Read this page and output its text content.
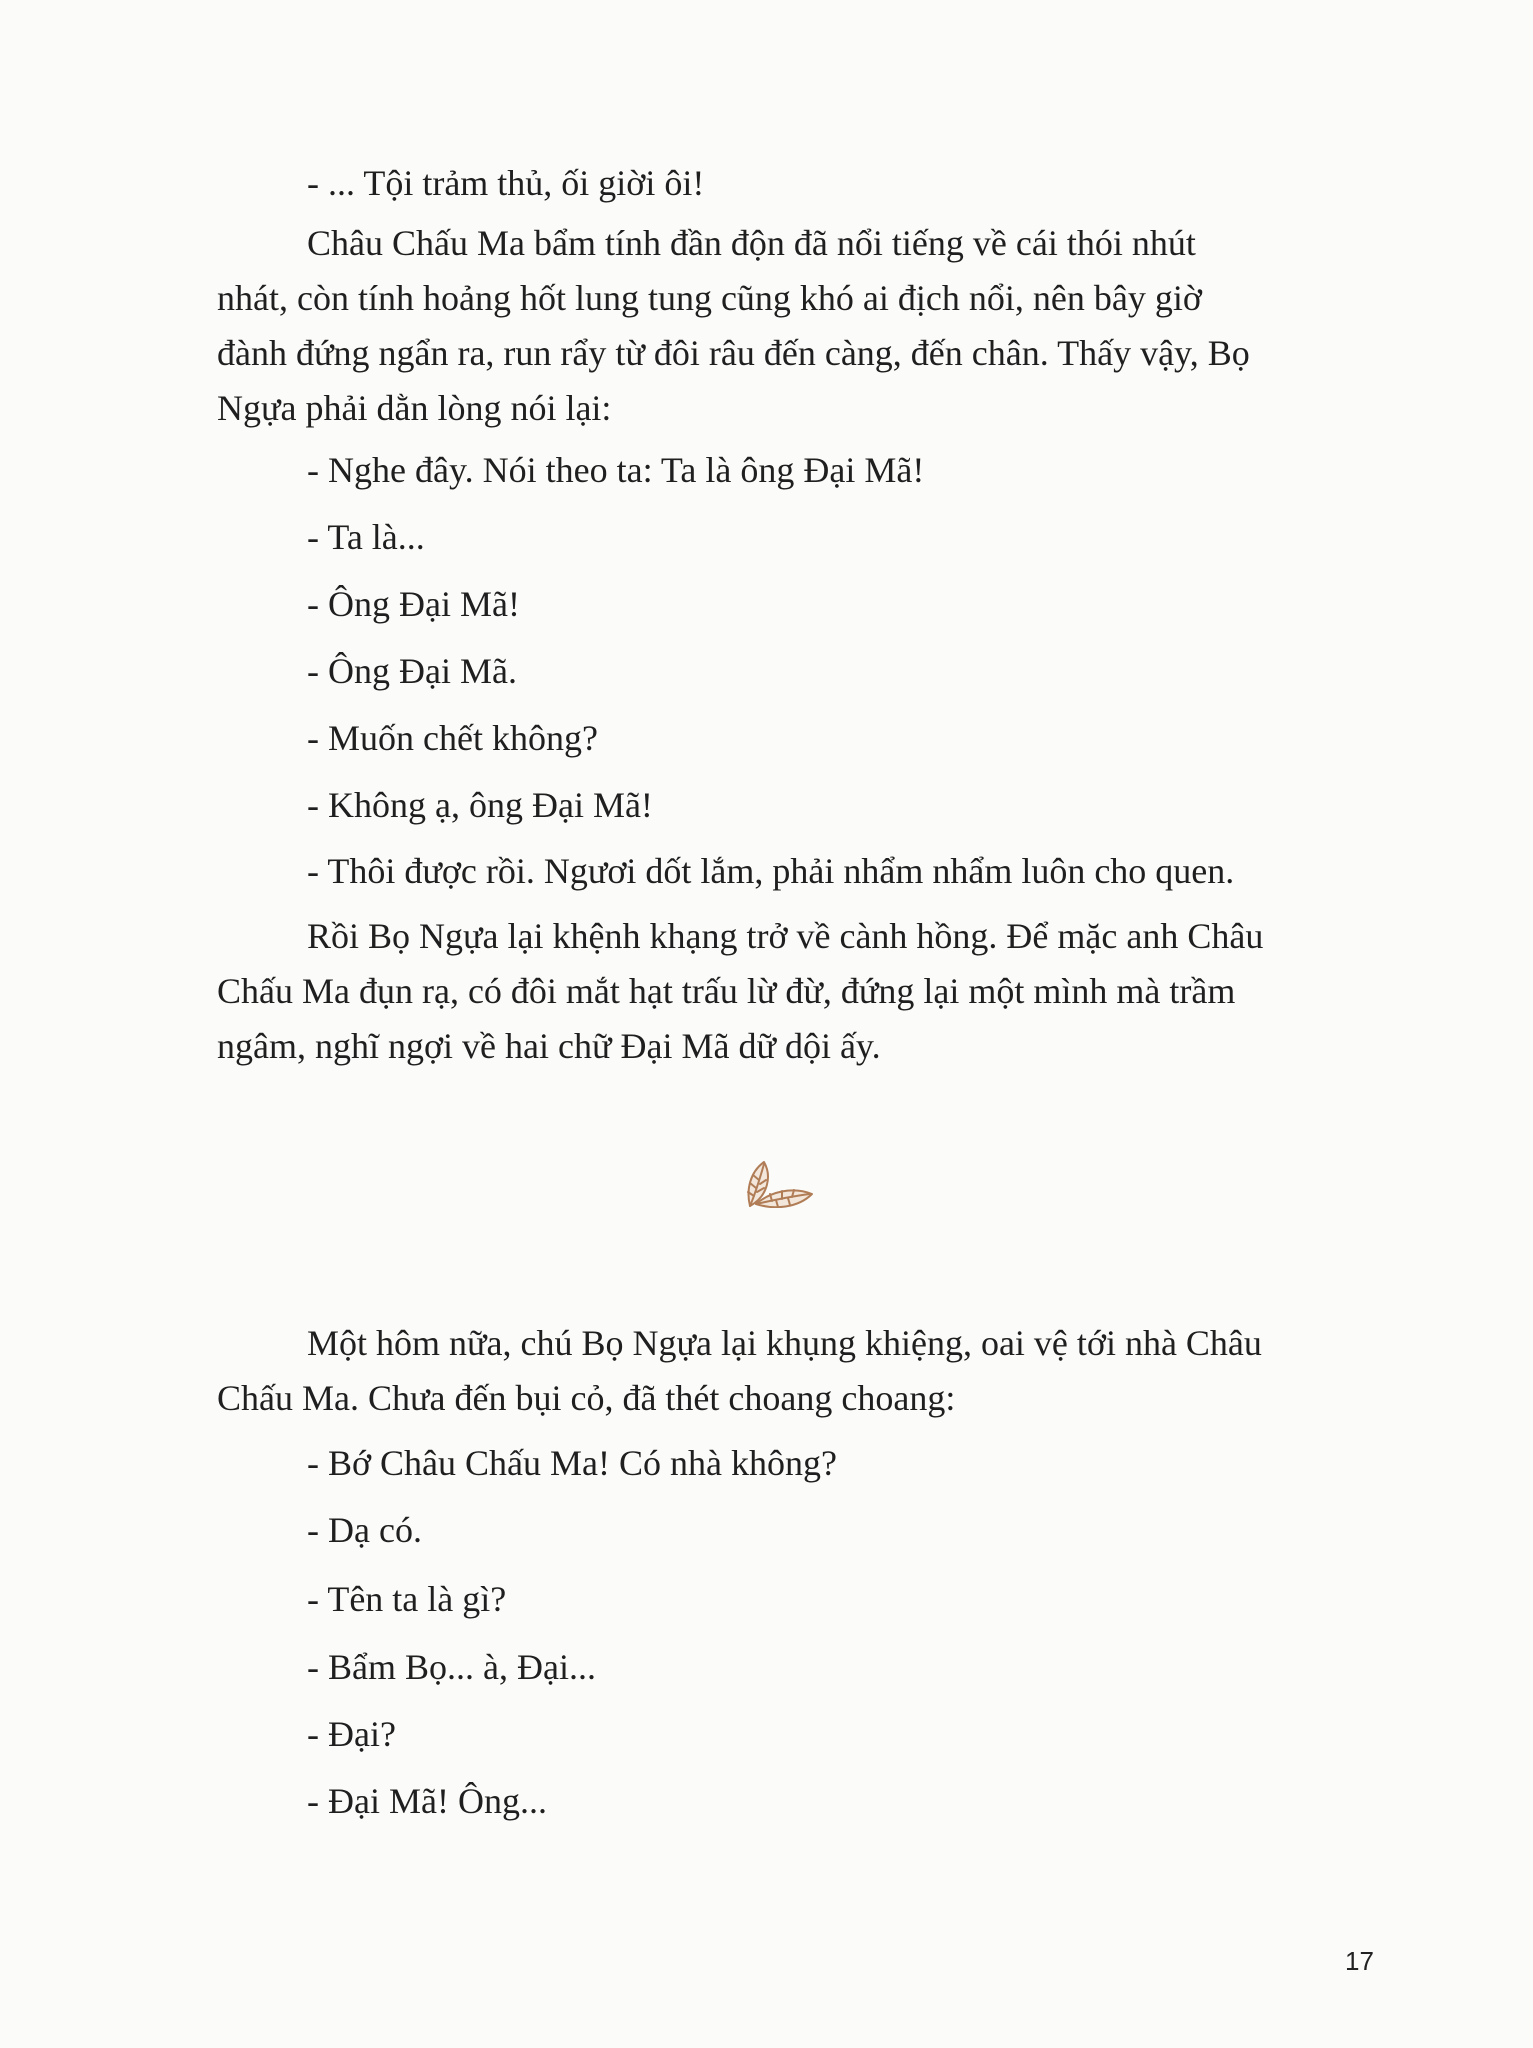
- ... Tội trảm thủ, ối giời ôi!
Châu Chấu Ma bẩm tính đần độn đã nổi tiếng về cái thói nhút
nhát, còn tính hoảng hốt lung tung cũng khó ai địch nổi, nên bây giờ
đành đứng ngẩn ra, run rẩy từ đôi râu đến càng, đến chân. Thấy vậy, Bọ
Ngựa phải dằn lòng nói lại:
- Nghe đây. Nói theo ta: Ta là ông Đại Mã!
- Ta là...
- Ông Đại Mã!
- Ông Đại Mã.
- Muốn chết không?
- Không ạ, ông Đại Mã!
- Thôi được rồi. Ngươi dốt lắm, phải nhẩm nhẩm luôn cho quen.
Rồi Bọ Ngựa lại khệnh khạng trở về cành hồng. Để mặc anh Châu
Chấu Ma đụn rạ, có đôi mắt hạt trấu lừ đừ, đứng lại một mình mà trầm
ngâm, nghĩ ngợi về hai chữ Đại Mã dữ dội ấy.
Một hôm nữa, chú Bọ Ngựa lại khụng khiệng, oai vệ tới nhà Châu
Chấu Ma. Chưa đến bụi cỏ, đã thét choang choang:
- Bớ Châu Chấu Ma! Có nhà không?
- Dạ có.
- Tên ta là gì?
- Bẩm Bọ... à, Đại...
- Đại?
- Đại Mã! Ông...
17
